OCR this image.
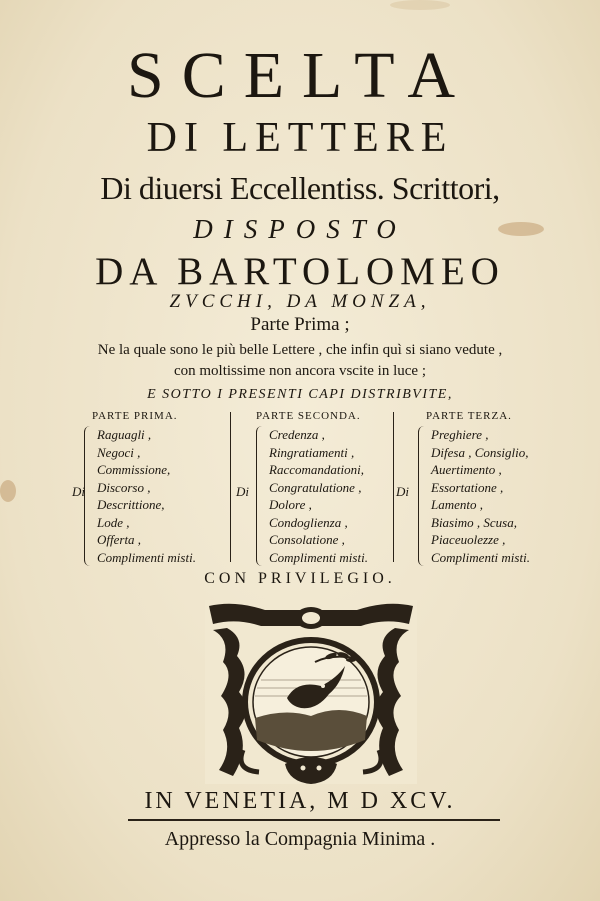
SCELTA
DI LETTERE
Di diuersi Eccellentiss. Scrittori,
DISPOSTO
DA BARTOLOMEO
ZVCCHI, DA MONZA,
Parte Prima ;
Ne la quale sono le più belle Lettere , che infin quì si siano vedute ,
con moltissime non ancora vscite in luce ;
E SOTTO I PRESENTI CAPI DISTRIBVITE,
PARTE PRIMA.
Raguagli ,
Negoci ,
Commissione,
Discorso ,
Descrittione,
Lode ,
Offerta ,
Complimenti misti.
Di
PARTE SECONDA.
Credenza ,
Ringratiamenti ,
Raccomandationi,
Congratulatione ,
Dolore ,
Condoglienza ,
Consolatione ,
Complimenti misti.
Di
PARTE TERZA.
Preghiere ,
Difesa , Consiglio,
Auertimento ,
Essortatione ,
Lamento ,
Biasimo , Scusa,
Piaceuolezze ,
Complimenti misti.
Di
CON PRIVILEGIO.
IN VENETIA, M D XCV.
Appresso la Compagnia Minima .
